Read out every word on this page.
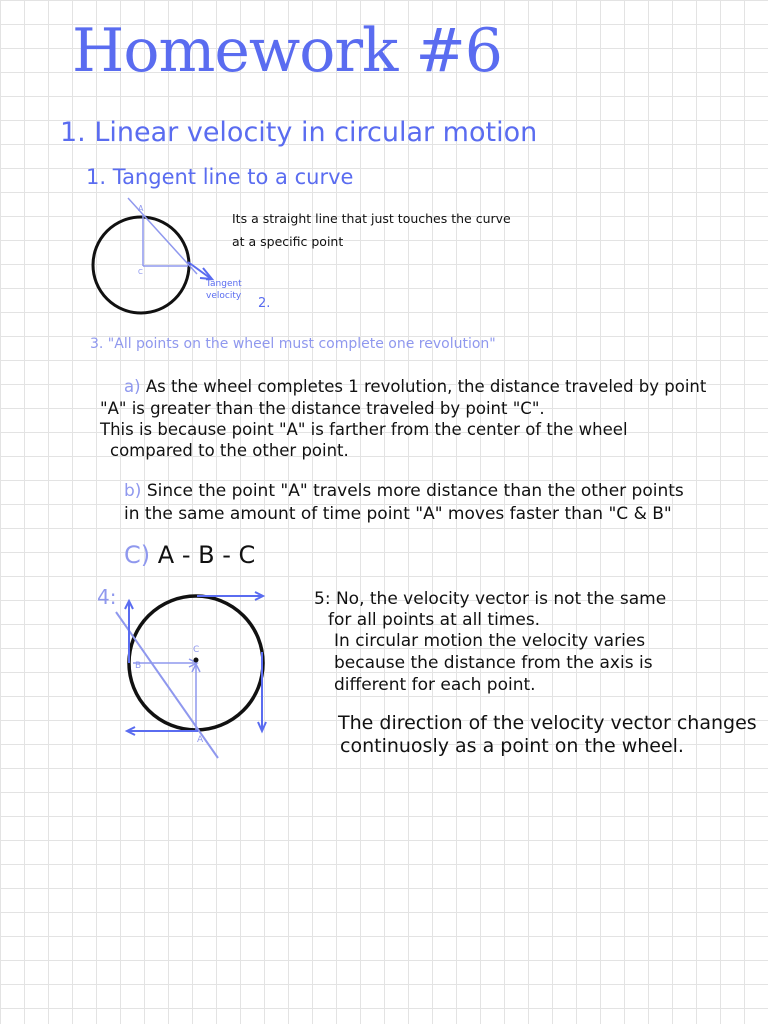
Homework #6
1. Linear velocity in circular motion
1. Tangent line to a curve
Its a straight line that just touches the curve
at a specific point
A
C
Tangent
velocity 2.
3. "All points on the wheel must complete one revolution"
a) As the wheel completes 1 revolution, the distance traveled by point
"A" is greater than the distance traveled by point "C".
This is because point "A" is farther from the center of the wheel
compared to the other point.
b) Since the point "A" travels more distance than the other points
in the same amount of time point "A" moves faster than "C & B"
C) A - B - C
4:
C
B
A
5: No, the velocity vector is not the same
for all points at all times.
In circular motion the velocity varies
because the distance from the axis is
different for each point.
The direction of the velocity vector changes
continuosly as a point on the wheel.
